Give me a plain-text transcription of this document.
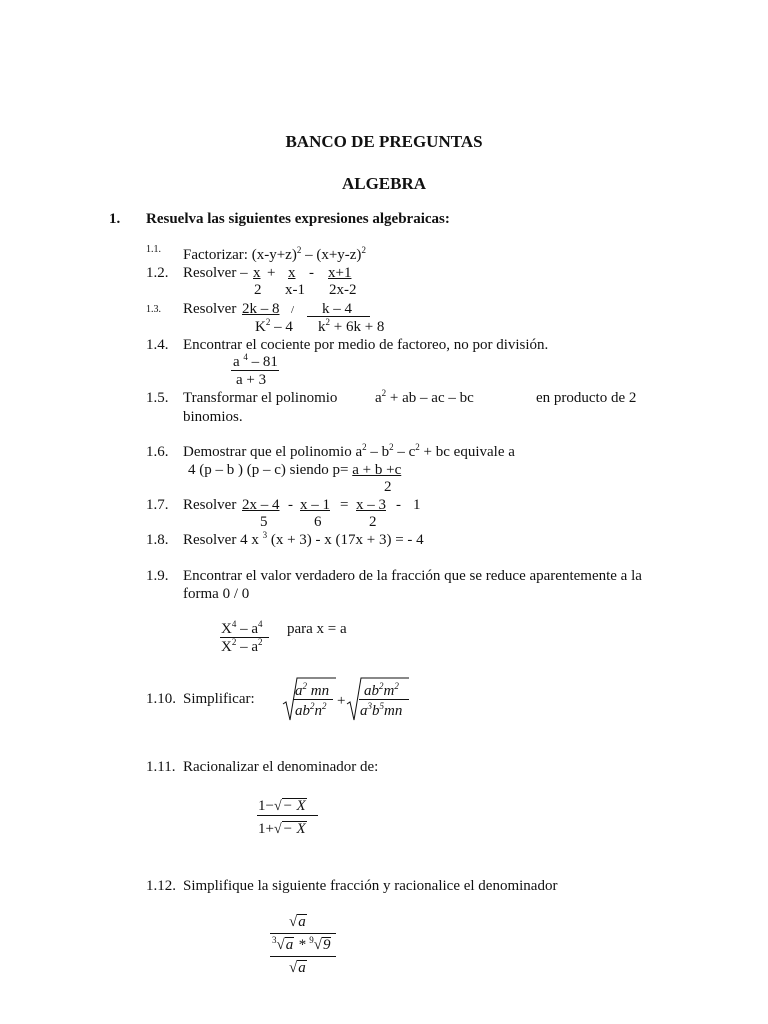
BANCO DE PREGUNTAS
ALGEBRA
1. Resuelva las siguientes expresiones algebraicas:
1.1. Factorizar: $(x-y+z)^2 - (x+y-z)^2$
1.2. Resolver – x + x - x+1
2 x-1 2x-2
1.3. Resolver 2k – 8 / k – 4
$K^2 - 4$ $k^2 + 6k + 8$
1.4. Encontrar el cociente por medio de factoreo, no por división.
a $^4$ – 81
a + 3
1.5. Transformar el polinomio	$a^2$ + ab – ac – bc	en producto de 2
binomios.
1.6. Demostrar que el polinomio $a^2 - b^2 - c^2$ + bc equivale a
4 (p – b ) (p – c) siendo p= a + b +c
2
1.7. Resolver 2x – 4 - x – 1 = x – 3 - 1
5	6	2
1.8. Resolver 4 x $^3$ (x + 3) - x (17x + 3) = - 4
1.9. Encontrar el valor verdadero de la fracción que se reduce aparentemente a la
forma 0 / 0
$X^4 - a^4$
$X^2 - a^2$
para x = a
1.10. Simplificar:	$a^2$ mn
$ab^2n^2$ +
$ab^2m^2$
$a^3b^5mn$
1.11. Racionalizar el denominador de:
1−√− X
1+√− X
1.12. Simplifique la siguiente fracción y racionalice el denominador
√a
$^3$√a * $^9$√9
√a
